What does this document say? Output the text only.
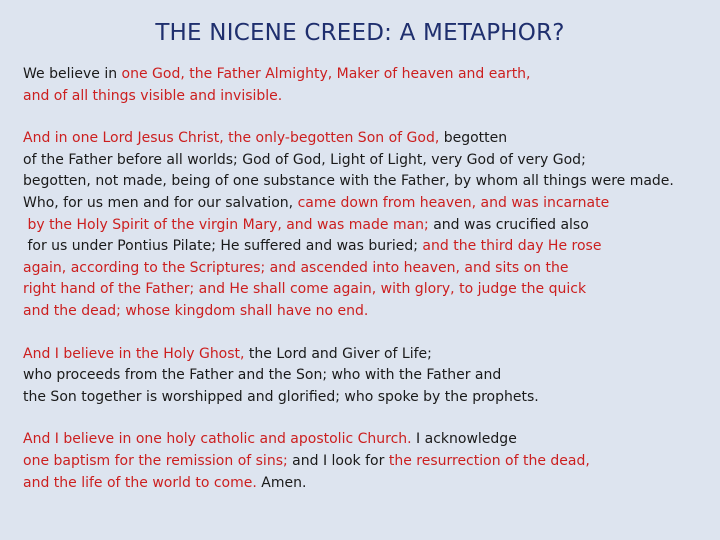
THE NICENE CREED: A METAPHOR?
We believe in one God, the Father Almighty, Maker of heaven and earth,
and of all things visible and invisible.
And in one Lord Jesus Christ, the only-begotten Son of God, begotten
of the Father before all worlds; God of God, Light of Light, very God of very God;
begotten, not made, being of one substance with the Father, by whom all things were made.
Who, for us men and for our salvation, came down from heaven, and was incarnate
by the Holy Spirit of the virgin Mary, and was made man; and was crucified also
for us under Pontius Pilate; He suffered and was buried; and the third day He rose
again, according to the Scriptures; and ascended into heaven, and sits on the
right hand of the Father; and He shall come again, with glory, to judge the quick
and the dead; whose kingdom shall have no end.
And I believe in the Holy Ghost, the Lord and Giver of Life;
who proceeds from the Father and the Son; who with the Father and
the Son together is worshipped and glorified; who spoke by the prophets.
And I believe in one holy catholic and apostolic Church. I acknowledge
one baptism for the remission of sins; and I look for the resurrection of the dead,
and the life of the world to come. Amen.
